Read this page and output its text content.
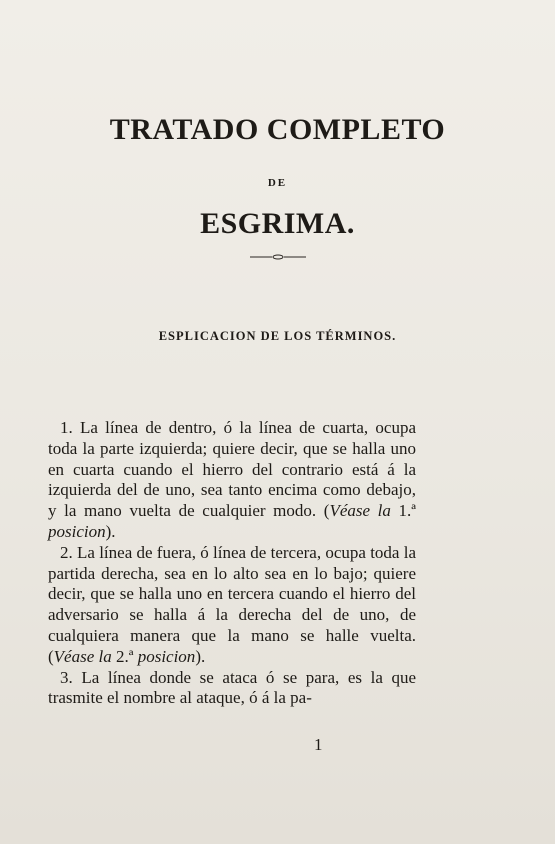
TRATADO COMPLETO
DE
ESGRIMA.
ESPLICACION DE LOS TÉRMINOS.

1. La línea de dentro, ó la línea de cuarta, ocupa toda la parte izquierda; quiere decir, que se halla uno en cuarta cuando el hierro del contrario está á la izquierda del de uno, sea tanto encima como debajo, y la mano vuelta de cualquier modo. (Véase la 1.ª posicion).

2. La línea de fuera, ó línea de tercera, ocupa toda la partida derecha, sea en lo alto sea en lo bajo; quiere decir, que se halla uno en tercera cuando el hierro del adversario se halla á la derecha del de uno, de cualquiera manera que la mano se halle vuelta. (Véase la 2.ª posicion).

3. La línea donde se ataca ó se para, es la que trasmite el nombre al ataque, ó á la pa-

1
